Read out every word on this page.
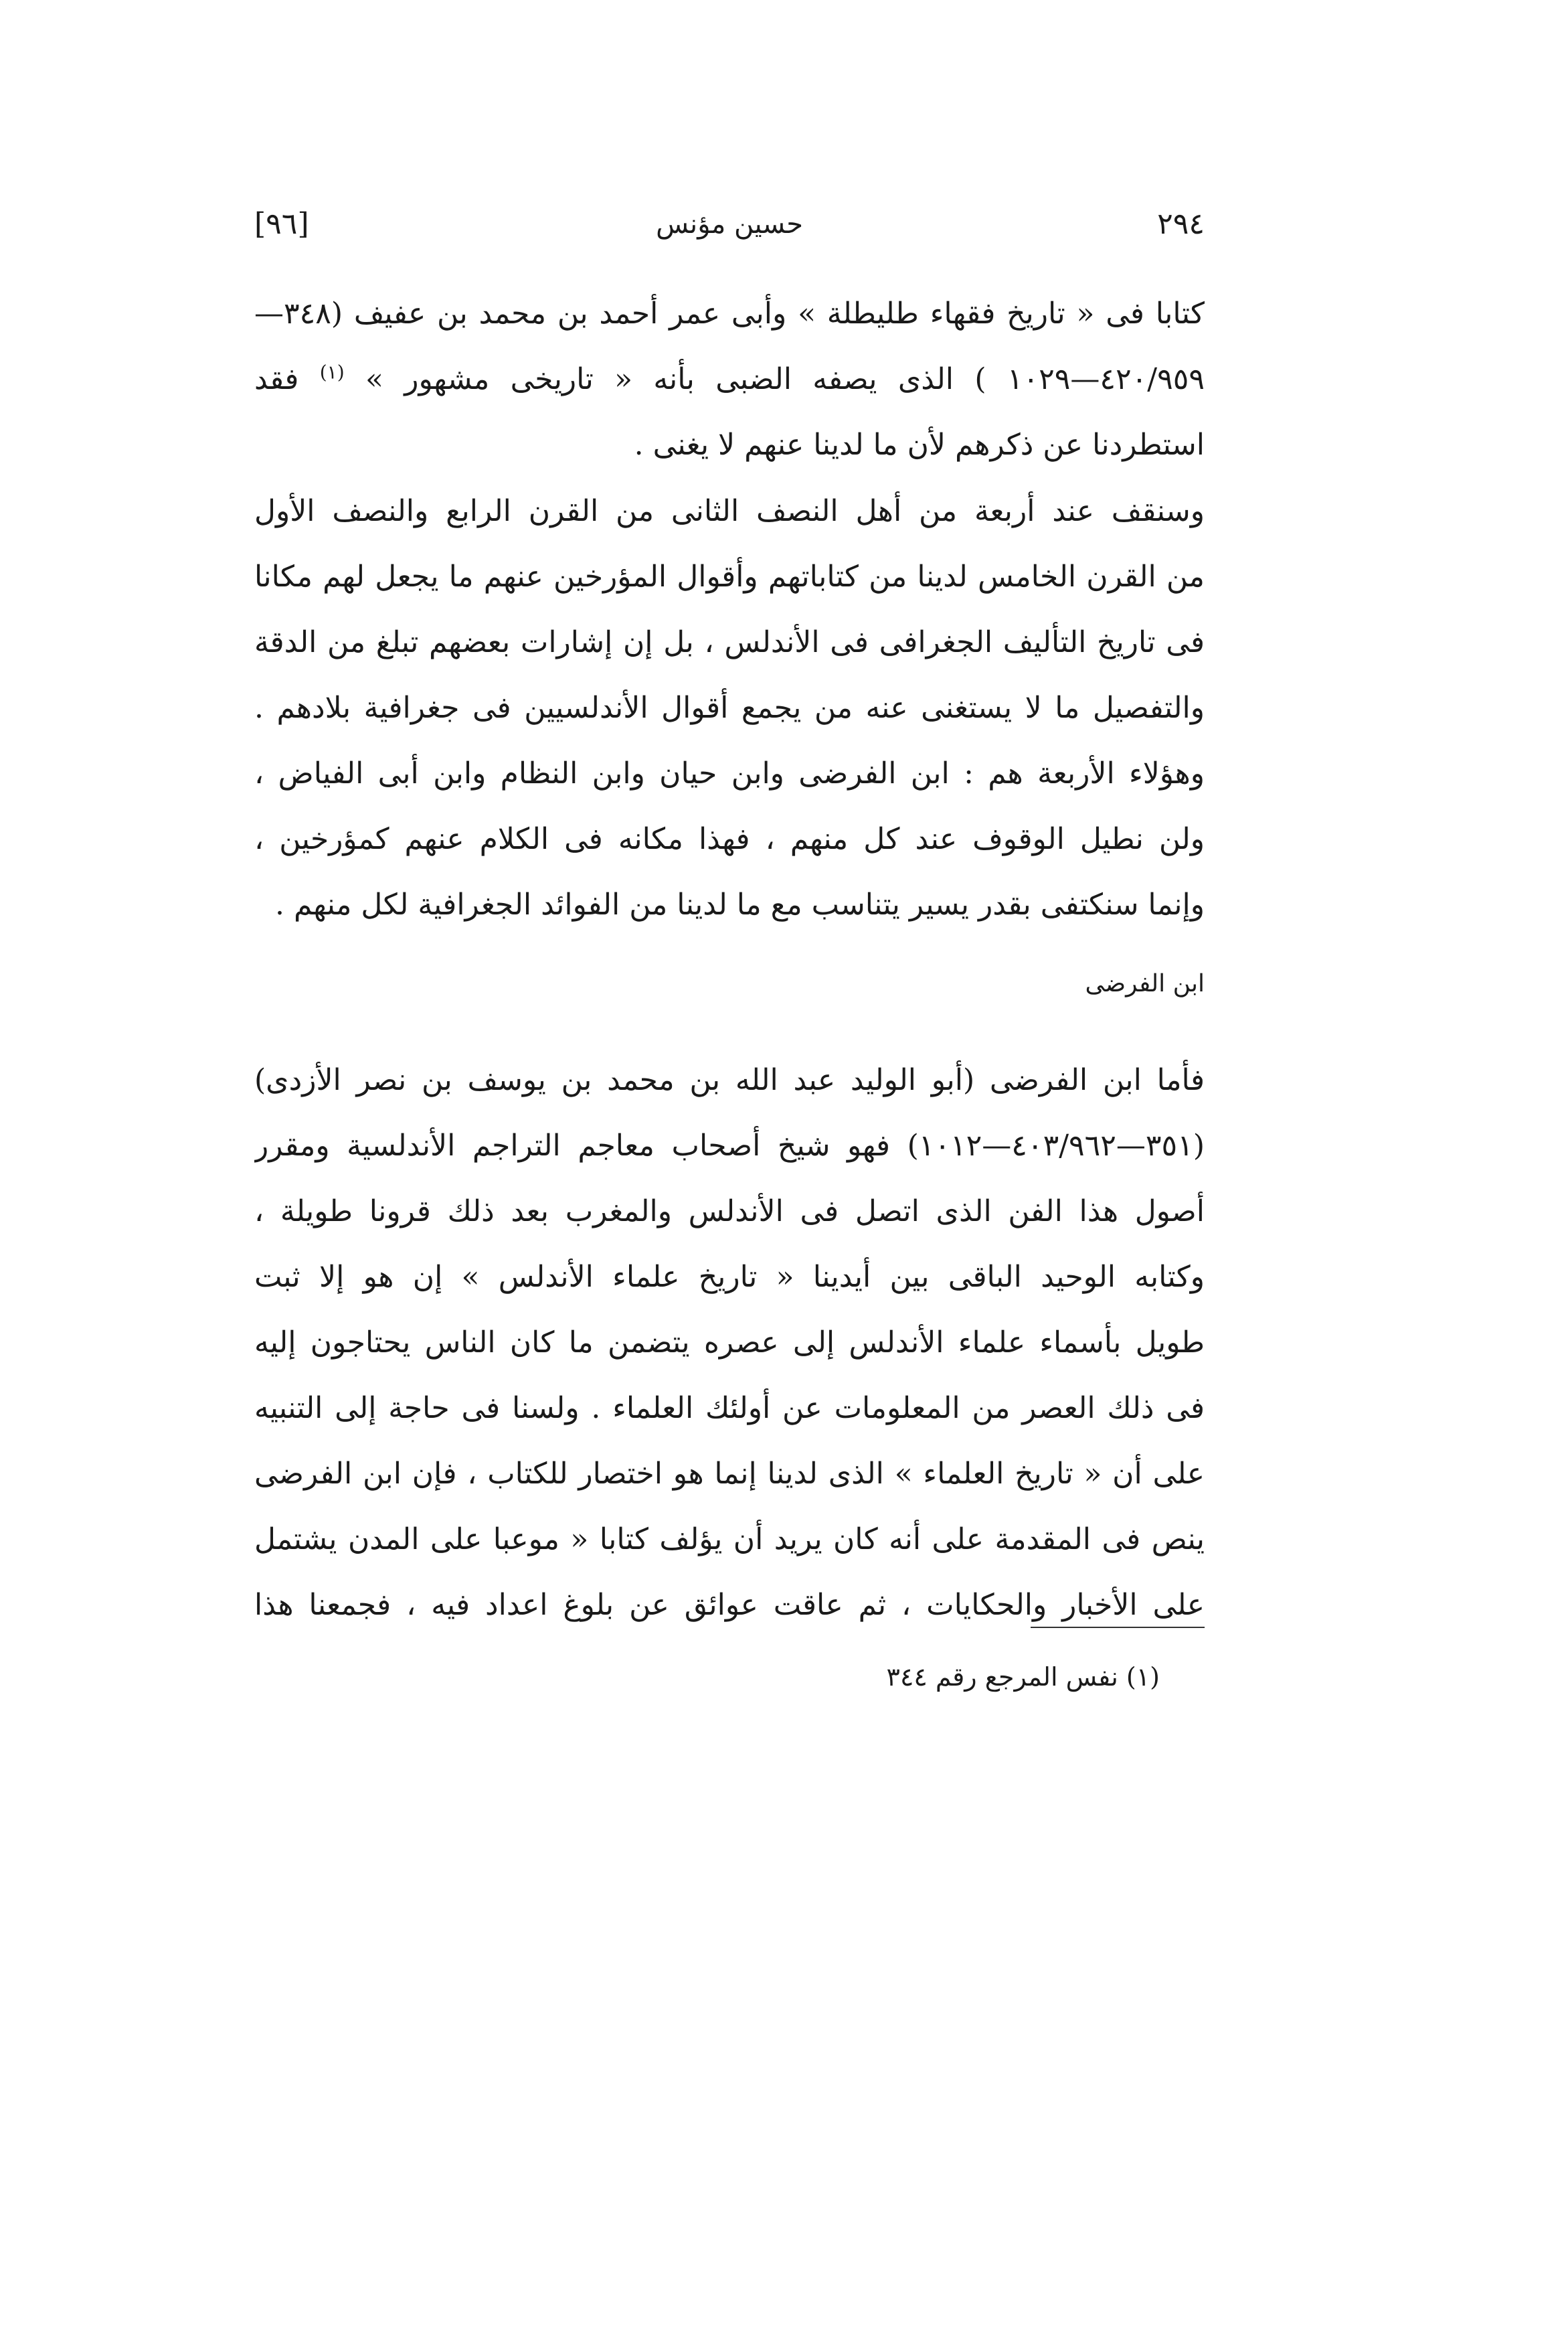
٢٩٤
حسين مؤنس
[٩٦]
كتابا فى « تاريخ فقهاء طليطلة » وأبى عمر أحمد بن محمد بن عفيف (٣٤٨—
٤٢٠/٩٥٩—١٠٢٩ ) الذى يصفه الضبى بأنه « تاريخى مشهور » $^{(١)}$ فقد
استطردنا عن ذكرهم لأن ما لدينا عنهم لا يغنى .
وسنقف عند أربعة من أهل النصف الثانى من القرن الرابع والنصف الأول
من القرن الخامس لدينا من كتاباتهم وأقوال المؤرخين عنهم ما يجعل لهم مكانا
فى تاريخ التأليف الجغرافى فى الأندلس ، بل إن إشارات بعضهم تبلغ من الدقة
والتفصيل ما لا يستغنى عنه من يجمع أقوال الأندلسيين فى جغرافية بلادهم .
وهؤلاء الأربعة هم : ابن الفرضى وابن حيان وابن النظام وابن أبى الفياض ،
ولن نطيل الوقوف عند كل منهم ، فهذا مكانه فى الكلام عنهم كمؤرخين ،
وإنما سنكتفى بقدر يسير يتناسب مع ما لدينا من الفوائد الجغرافية لكل منهم .
ابن الفرضى
فأما ابن الفرضى (أبو الوليد عبد الله بن محمد بن يوسف بن نصر الأزدى)
(٣٥١—٤٠٣/٩٦٢—١٠١٢) فهو شيخ أصحاب معاجم التراجم الأندلسية ومقرر
أصول هذا الفن الذى اتصل فى الأندلس والمغرب بعد ذلك قرونا طويلة ،
وكتابه الوحيد الباقى بين أيدينا « تاريخ علماء الأندلس » إن هو إلا ثبت
طويل بأسماء علماء الأندلس إلى عصره يتضمن ما كان الناس يحتاجون إليه
فى ذلك العصر من المعلومات عن أولئك العلماء . ولسنا فى حاجة إلى التنبيه
على أن « تاريخ العلماء » الذى لدينا إنما هو اختصار للكتاب ، فإن ابن الفرضى
ينص فى المقدمة على أنه كان يريد أن يؤلف كتابا « موعبا على المدن يشتمل
على الأخبار والحكايات ، ثم عاقت عوائق عن بلوغ اعداد فيه ، فجمعنا هذا
(١) نفس المرجع رقم ٣٤٤
